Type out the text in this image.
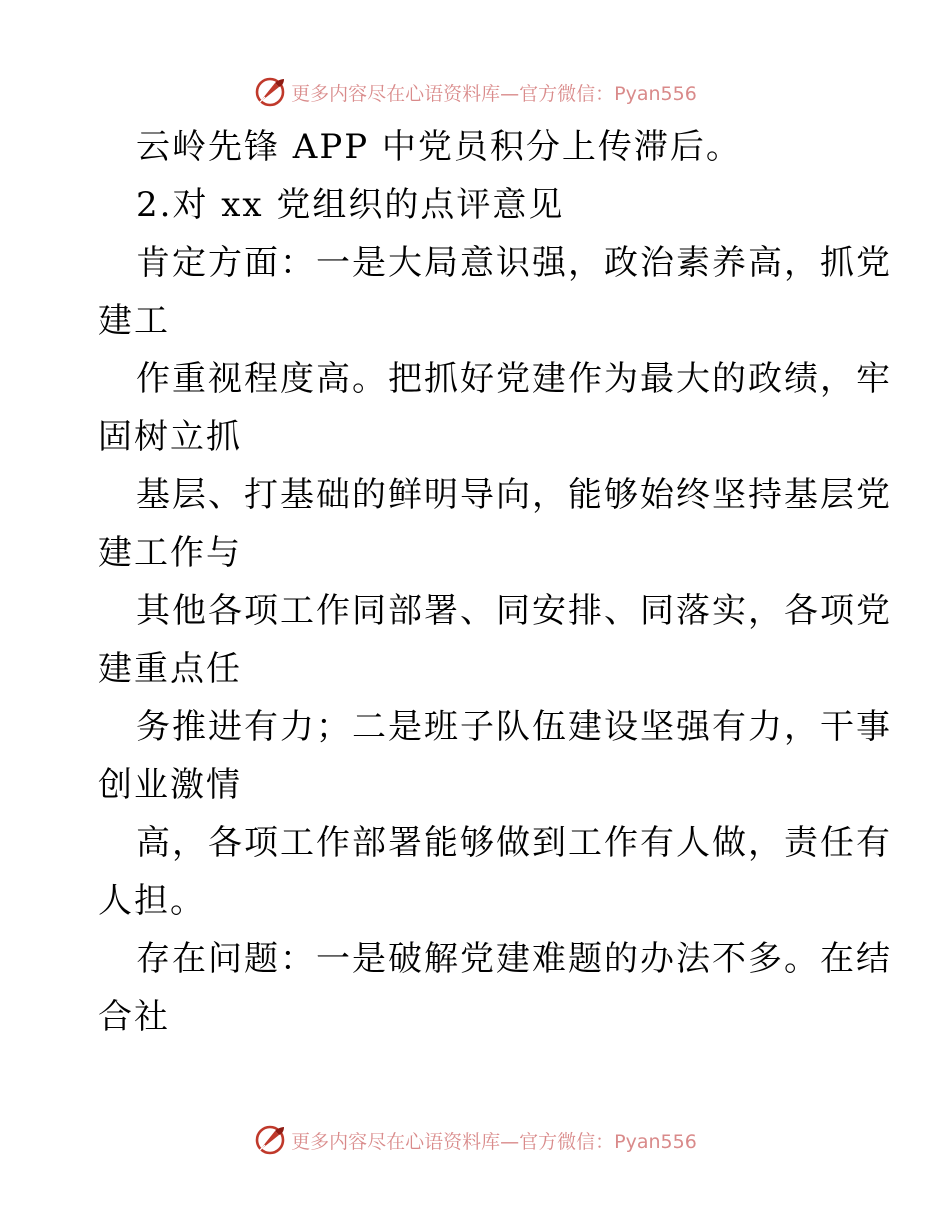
更多内容尽在心语资料库—官方微信：Pyan556
云岭先锋 APP 中党员积分上传滞后。
2.对 xx 党组织的点评意见
肯定方面：一是大局意识强，政治素养高，抓党
建工
作重视程度高。把抓好党建作为最大的政绩，牢
固树立抓
基层、打基础的鲜明导向，能够始终坚持基层党
建工作与
其他各项工作同部署、同安排、同落实，各项党
建重点任
务推进有力；二是班子队伍建设坚强有力，干事
创业激情
高，各项工作部署能够做到工作有人做，责任有
人担。
存在问题：一是破解党建难题的办法不多。在结
合社
更多内容尽在心语资料库—官方微信：Pyan556
